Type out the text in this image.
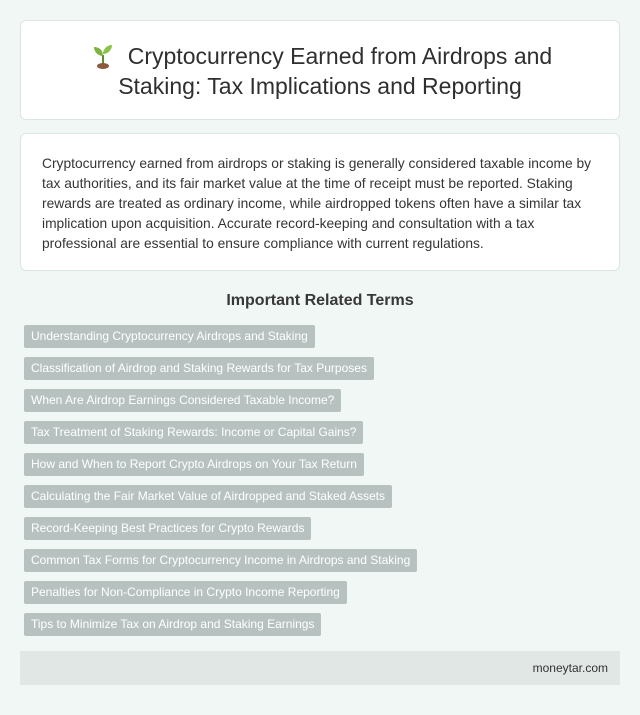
Cryptocurrency Earned from Airdrops and Staking: Tax Implications and Reporting

Cryptocurrency earned from airdrops or staking is generally considered taxable income by tax authorities, and its fair market value at the time of receipt must be reported. Staking rewards are treated as ordinary income, while airdropped tokens often have a similar tax implication upon acquisition. Accurate record-keeping and consultation with a tax professional are essential to ensure compliance with current regulations.

Important Related Terms
Understanding Cryptocurrency Airdrops and Staking
Classification of Airdrop and Staking Rewards for Tax Purposes
When Are Airdrop Earnings Considered Taxable Income?
Tax Treatment of Staking Rewards: Income or Capital Gains?
How and When to Report Crypto Airdrops on Your Tax Return
Calculating the Fair Market Value of Airdropped and Staked Assets
Record-Keeping Best Practices for Crypto Rewards
Common Tax Forms for Cryptocurrency Income in Airdrops and Staking
Penalties for Non-Compliance in Crypto Income Reporting
Tips to Minimize Tax on Airdrop and Staking Earnings
moneytar.com
